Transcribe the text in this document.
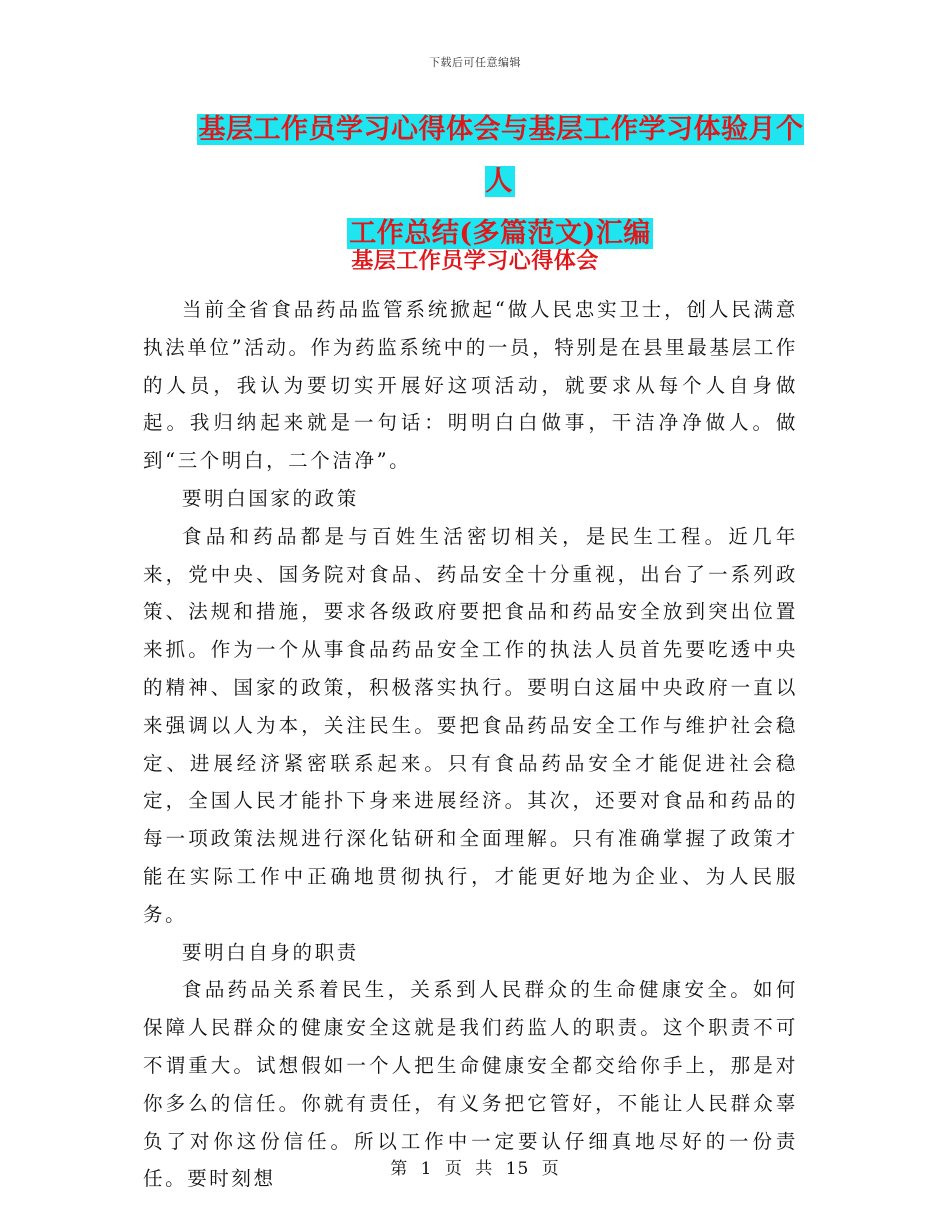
下载后可任意编辑
基层工作员学习心得体会与基层工作学习体验月个人
工作总结(多篇范文)汇编
基层工作员学习心得体会

当前全省食品药品监管系统掀起“做人民忠实卫士，创人民满意执法单位”活动。作为药监系统中的一员，特别是在县里最基层工作的人员，我认为要切实开展好这项活动，就要求从每个人自身做起。我归纳起来就是一句话：明明白白做事，干洁净净做人。做到“三个明白，二个洁净”。

要明白国家的政策

食品和药品都是与百姓生活密切相关，是民生工程。近几年来，党中央、国务院对食品、药品安全十分重视，出台了一系列政策、法规和措施，要求各级政府要把食品和药品安全放到突出位置来抓。作为一个从事食品药品安全工作的执法人员首先要吃透中央的精神、国家的政策，积极落实执行。要明白这届中央政府一直以来强调以人为本，关注民生。要把食品药品安全工作与维护社会稳定、进展经济紧密联系起来。只有食品药品安全才能促进社会稳定，全国人民才能扑下身来进展经济。其次，还要对食品和药品的每一项政策法规进行深化钻研和全面理解。只有准确掌握了政策才能在实际工作中正确地贯彻执行，才能更好地为企业、为人民服务。

要明白自身的职责

食品药品关系着民生，关系到人民群众的生命健康安全。如何保障人民群众的健康安全这就是我们药监人的职责。这个职责不可不谓重大。试想假如一个人把生命健康安全都交给你手上，那是对你多么的信任。你就有责任，有义务把它管好，不能让人民群众辜负了对你这份信任。所以工作中一定要认仔细真地尽好的一份责任。要时刻想	第 1 页 共 15 页
